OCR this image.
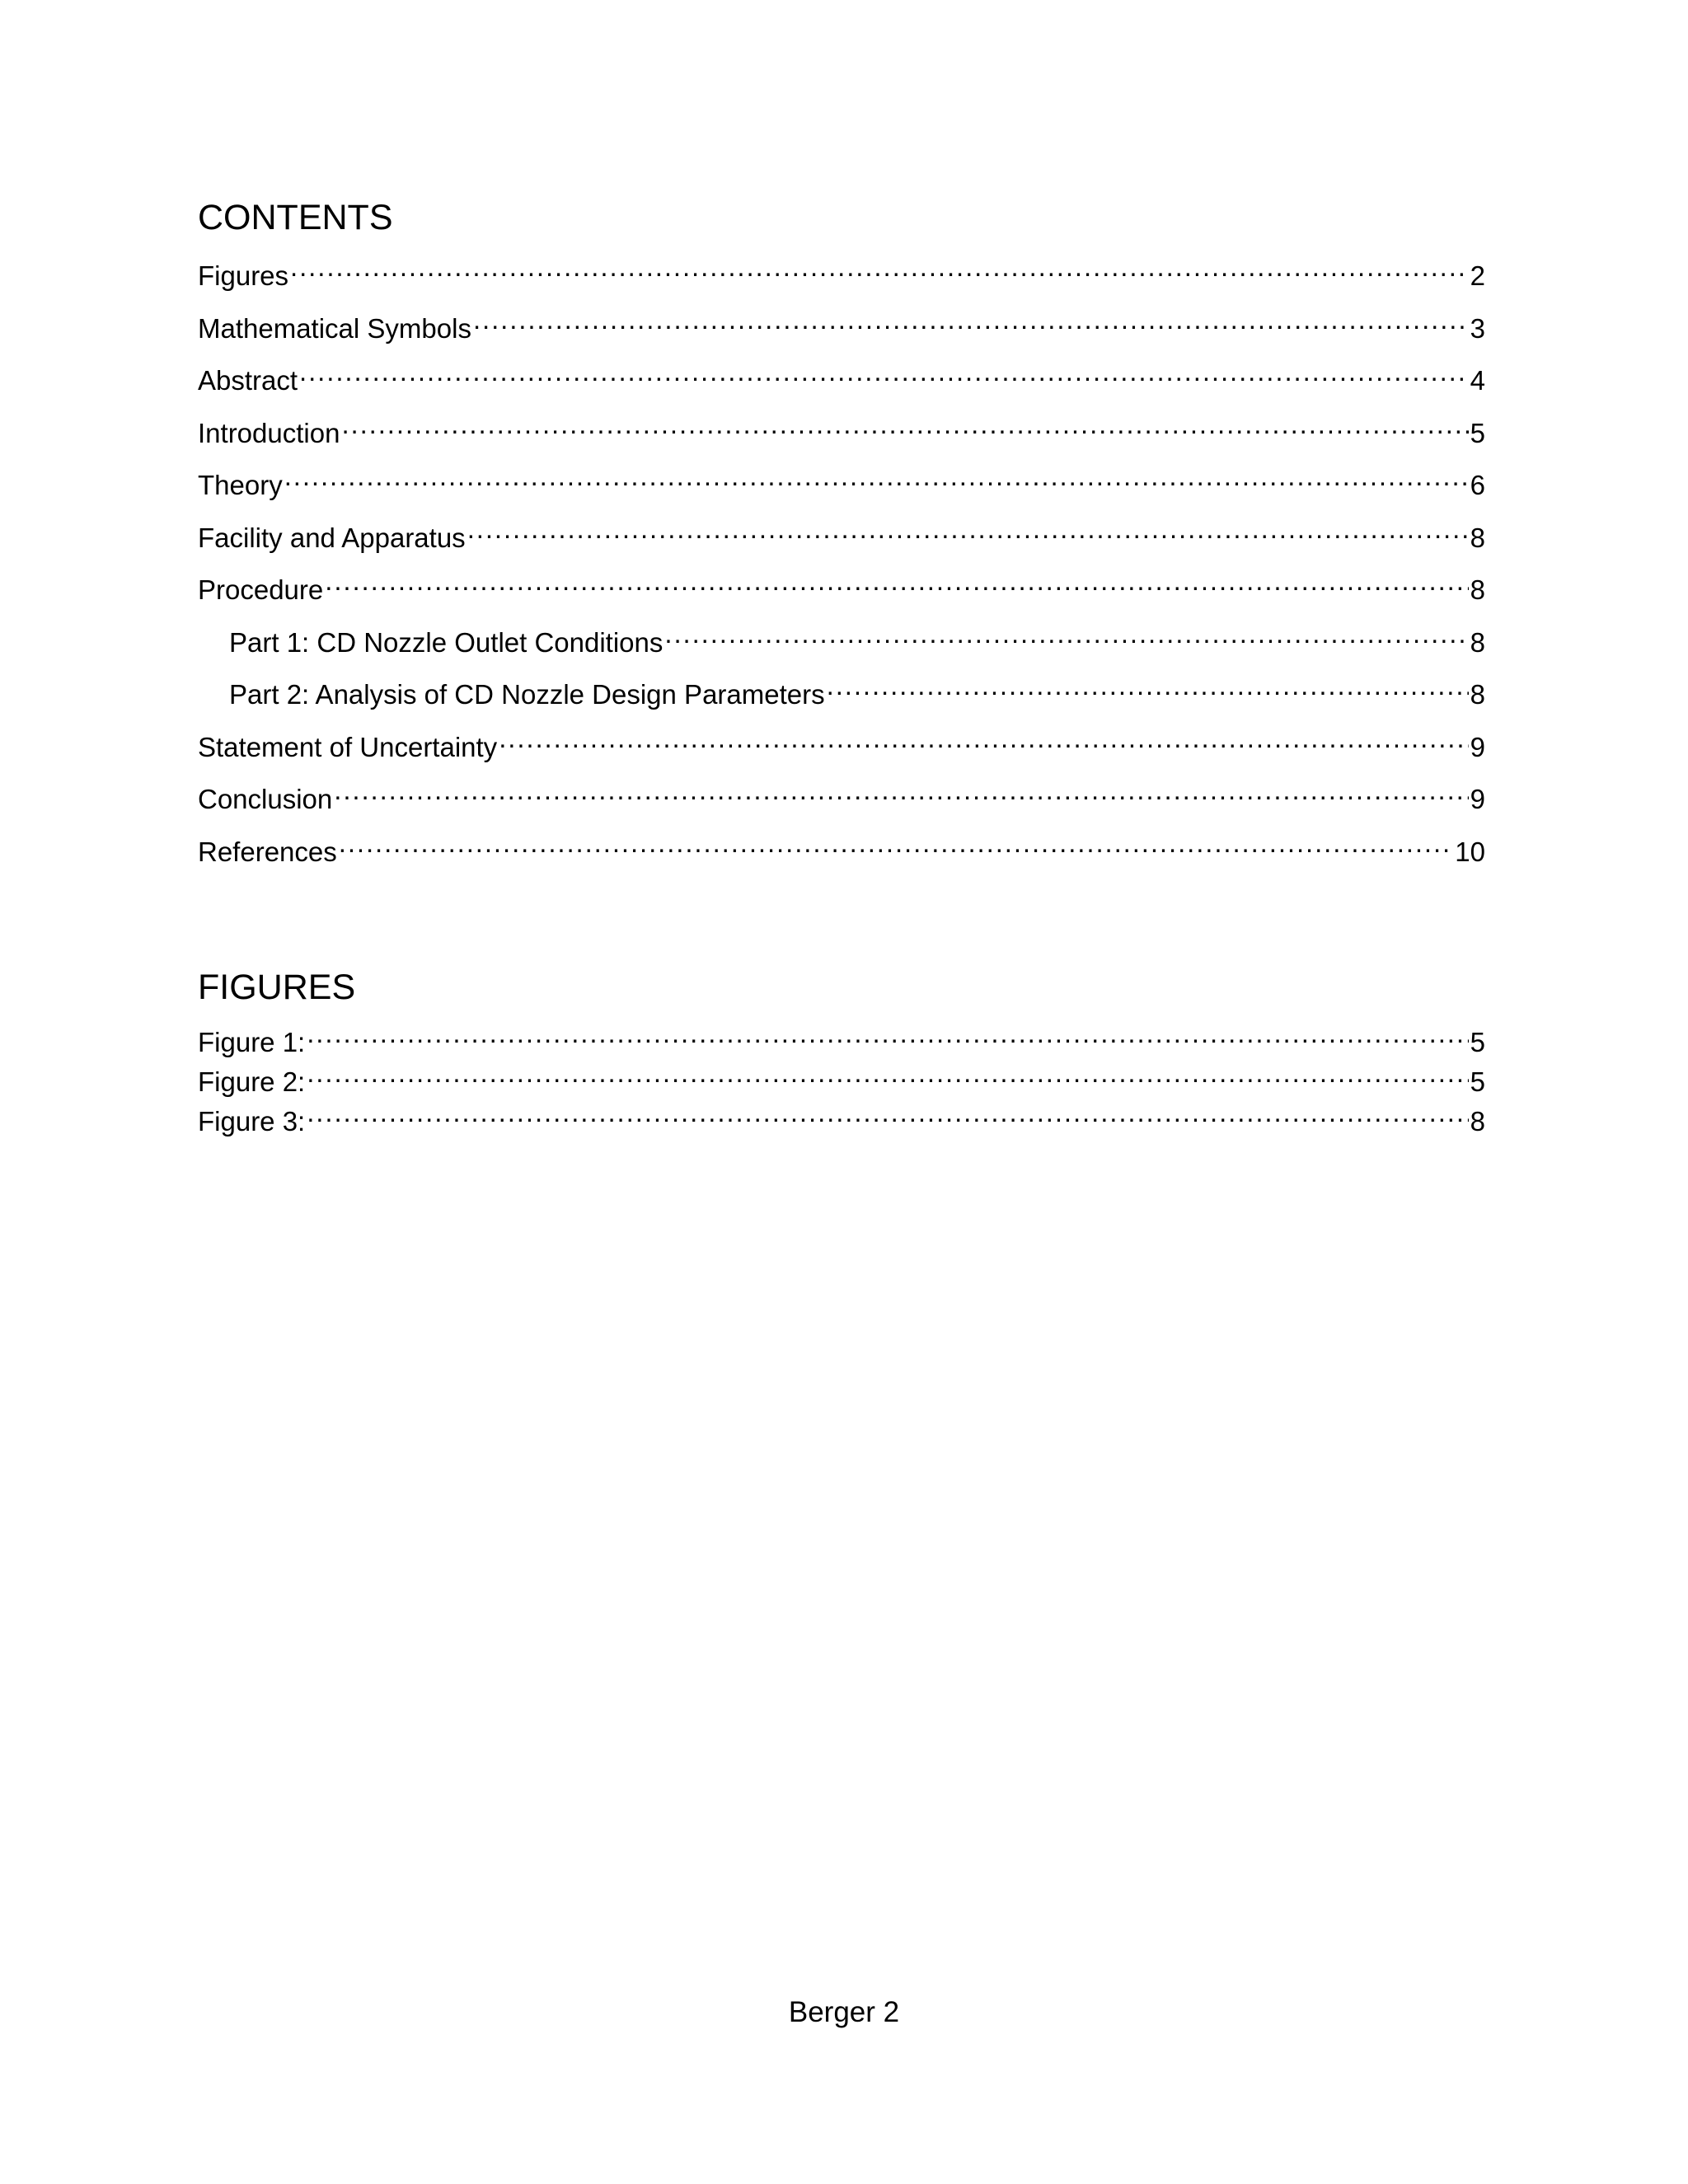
CONTENTS
Figures .....	2
Mathematical Symbols .....	3
Abstract .....	4
Introduction .....	5
Theory .....	6
Facility and Apparatus .....	8
Procedure .....	8
Part 1: CD Nozzle Outlet Conditions .....	8
Part 2: Analysis of CD Nozzle Design Parameters .....	8
Statement of Uncertainty .....	9
Conclusion .....	9
References .....	10
FIGURES
Figure 1: .....	5
Figure 2: .....	5
Figure 3: .....	8
Berger 2
